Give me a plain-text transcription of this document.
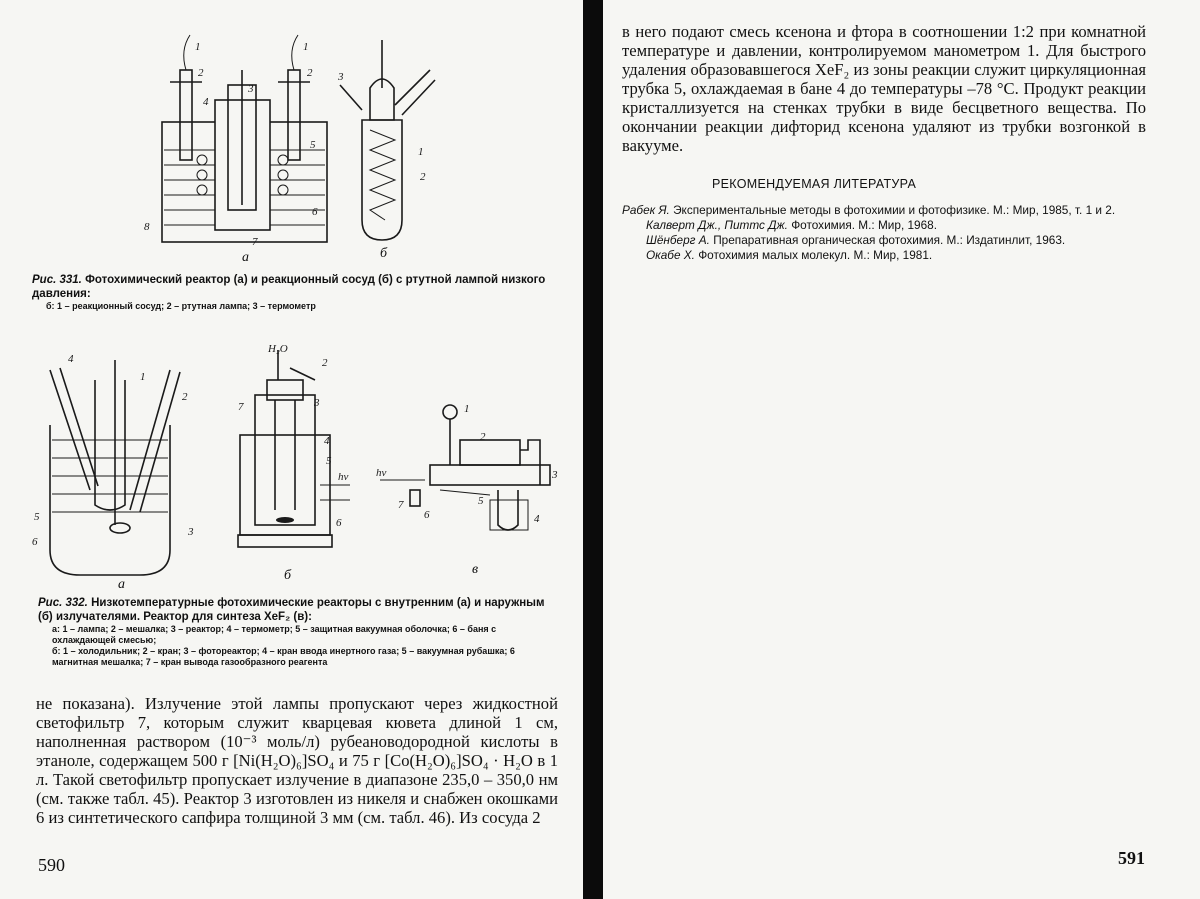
1
2
1
2
3
4
5
6
7
8
3
1
2
а	б
Рис. 331. Фотохимический реактор (а) и реакционный сосуд (б) с ртутной лампой низкого давления:
б: 1 – реакционный сосуд; 2 – ртутная лампа; 3 – термометр
4
1
2
3
5
6
H₂O
2
3
7
4
5
hν
6
1
2
3
4
5
6
7
hν
а
б	в
Рис. 332. Низкотемпературные фотохимические реакторы с внутренним (а) и наружным (б) излучателями. Реактор для синтеза XeF₂ (в):
а: 1 – лампа; 2 – мешалка; 3 – реактор; 4 – термометр; 5 – защитная вакуумная оболочка; 6 – баня с охлаждающей смесью;
б: 1 – холодильник; 2 – кран; 3 – фотореактор; 4 – кран ввода инертного газа; 5 – вакуумная рубашка; 6 магнитная мешалка; 7 – кран вывода газообразного реагента

не показана). Излучение этой лампы пропускают через жидкостной светофильтр 7, которым служит кварцевая кювета длиной 1 см, наполненная раствором (10⁻³ моль/л) рубеановодородной кислоты в этаноле, содержащем 500 г [Ni(H₂O)₆]SO₄ и 75 г [Co(H₂O)₆]SO₄ · H₂O в 1 л. Такой светофильтр пропускает излучение в диапазоне 235,0 – 350,0 нм (см. также табл. 45). Реактор 3 изготовлен из никеля и снабжен окошками 6 из синтетического сапфира толщиной 3 мм (см. табл. 46). Из сосуда 2

590

в него подают смесь ксенона и фтора в соотношении 1:2 при комнатной температуре и давлении, контролируемом манометром 1. Для быстрого удаления образовавшегося XeF₂ из зоны реакции служит циркуляционная трубка 5, охлаждаемая в бане 4 до температуры –78 °С. Продукт реакции кристаллизуется на стенках трубки в виде бесцветного вещества. По окончании реакции дифторид ксенона удаляют из трубки возгонкой в вакууме.

РЕКОМЕНДУЕМАЯ ЛИТЕРАТУРА
Рабек Я. Экспериментальные методы в фотохимии и фотофизике. М.: Мир, 1985, т. 1 и 2.
Калверт Дж., Питтс Дж. Фотохимия. М.: Мир, 1968.
Шёнберг А. Препаративная органическая фотохимия. М.: Издатинлит, 1963.
Окабе Х. Фотохимия малых молекул. М.: Мир, 1981.
591
